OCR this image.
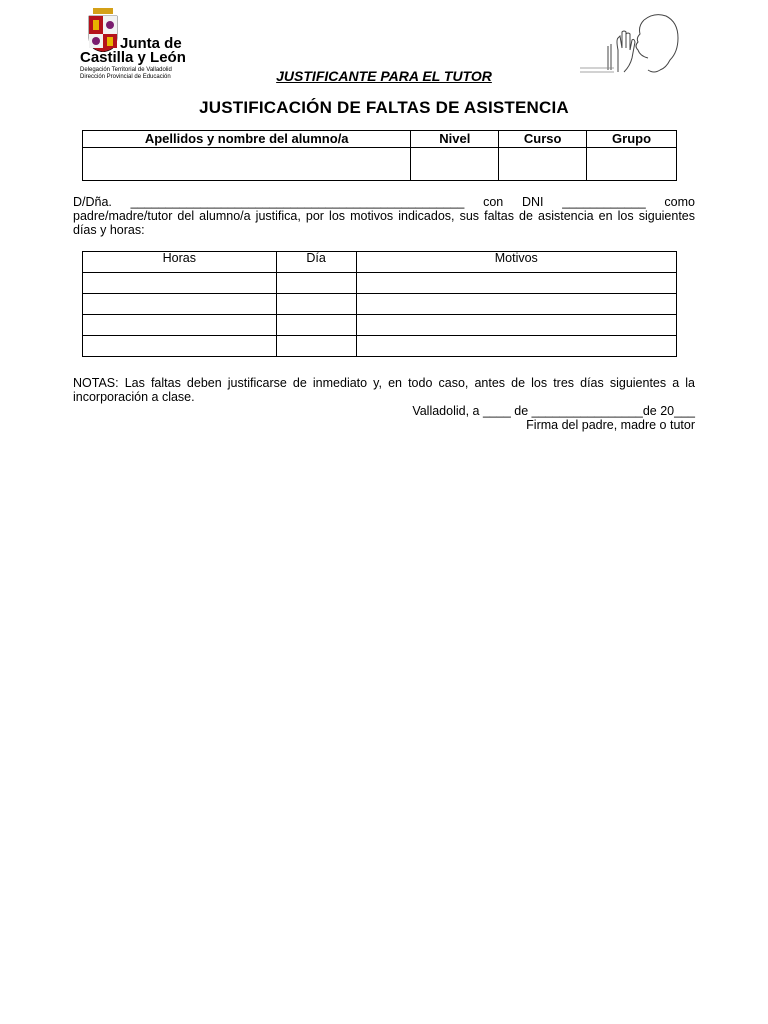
Junta de
Castilla y León
Delegación Territorial de Valladolid
Dirección Provincial de Educación	JUSTIFICANTE PARA EL TUTOR
JUSTIFICACIÓN DE FALTAS DE ASISTENCIA
Apellidos y nombre del alumno/a	Nivel	Curso	Grupo

D/Dña. ________________________________________________ con DNI ____________ como
padre/madre/tutor del alumno/a justifica, por los motivos indicados, sus faltas de asistencia en los siguientes días y horas:
Horas	Día	Motivos

NOTAS: Las faltas deben justificarse de inmediato y, en todo caso, antes de los tres días siguientes a la incorporación a clase.
Valladolid, a ____ de ________________de 20___
Firma del padre, madre o tutor
